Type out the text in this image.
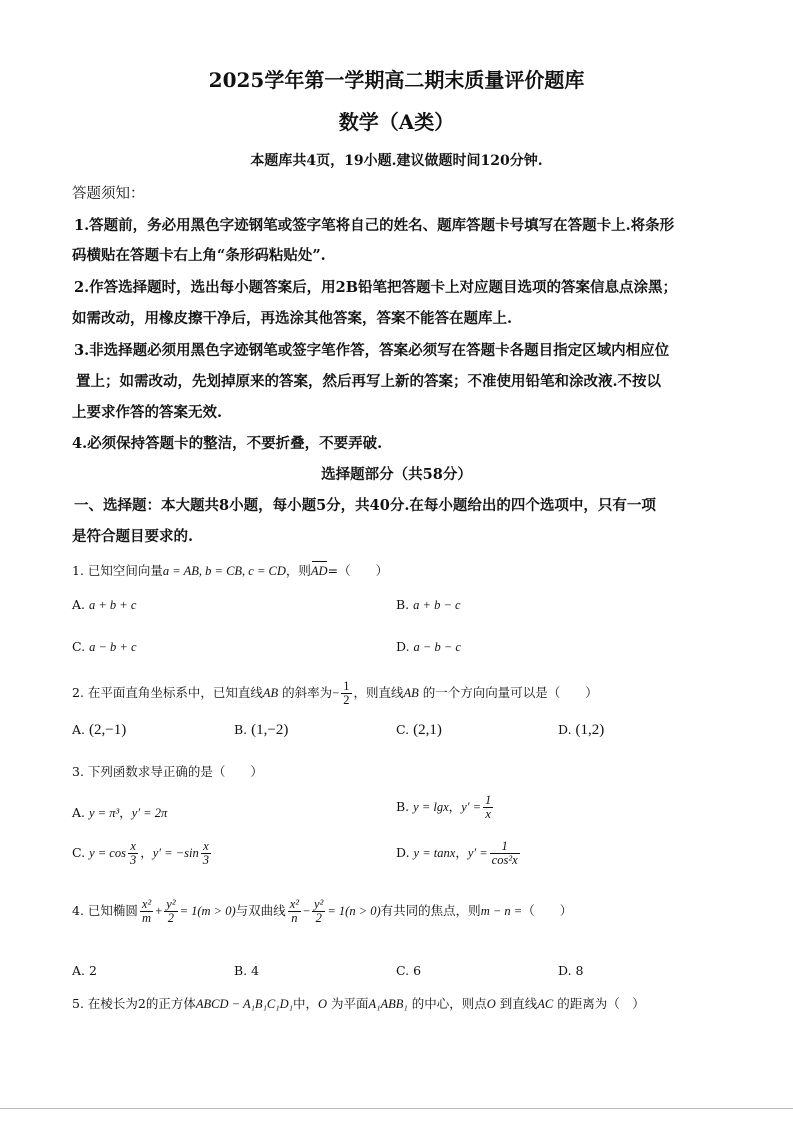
2025学年第一学期高二期末质量评价题库
数学（A类）
本题库共4页，19小题.建议做题时间120分钟.
答题须知：
1.答题前，务必用黑色字迹钢笔或签字笔将自己的姓名、题库答题卡号填写在答题卡上.将条形
码横贴在答题卡右上角“条形码粘贴处”.
2.作答选择题时，选出每小题答案后，用2B铅笔把答题卡上对应题目选项的答案信息点涂黑；
如需改动，用橡皮擦干净后，再选涂其他答案，答案不能答在题库上.
3.非选择题必须用黑色字迹钢笔或签字笔作答，答案必须写在答题卡各题目指定区域内相应位
置上；如需改动，先划掉原来的答案，然后再写上新的答案；不准使用铅笔和涂改液.不按以
上要求作答的答案无效.
4.必须保持答题卡的整洁，不要折叠，不要弄破.
选择题部分（共58分）
一、选择题：本大题共8小题，每小题5分，共40分.在每小题给出的四个选项中，只有一项
是符合题目要求的.
1. 已知空间向量a = AB, b = CB, c = CD，则AD=（　　）
A. a + b + c	B. a + b − c
C. a − b + c	D. a − b − c
2. 在平面直角坐标系中，已知直线AB 的斜率为− $\frac{1}{2}$ ，则直线AB 的一个方向向量可以是（　　）
A. (2,−1)	B. (1,−2)	C. (2,1)	D. (1,2)
3. 下列函数求导正确的是（　　）
A. y = π³，y′ = 2π	B. y = lgx，$y' = \frac{1}{x}$
C. $y = \cos \frac{x}{3}$ ，$y' = -\sin \frac{x}{3}$	D. y = tanx，$y' = \frac{1}{\text{cos²x}}$
4. 已知椭圆 $\frac{\text{x²}}{m} + \frac{\text{y²}}{2} = 1(m > 0)$与双曲线 $\frac{\text{x²}}{n} - \frac{\text{y²}}{2} = 1(n > 0)$有共同的焦点，则m − n =（　　）
A. 2	B. 4	C. 6	D. 8
5. 在棱长为2的正方体ABCD − A₁B₁C₁D₁中，O 为平面A₁ABB₁ 的中心，则点O 到直线AC 的距离为（　）
